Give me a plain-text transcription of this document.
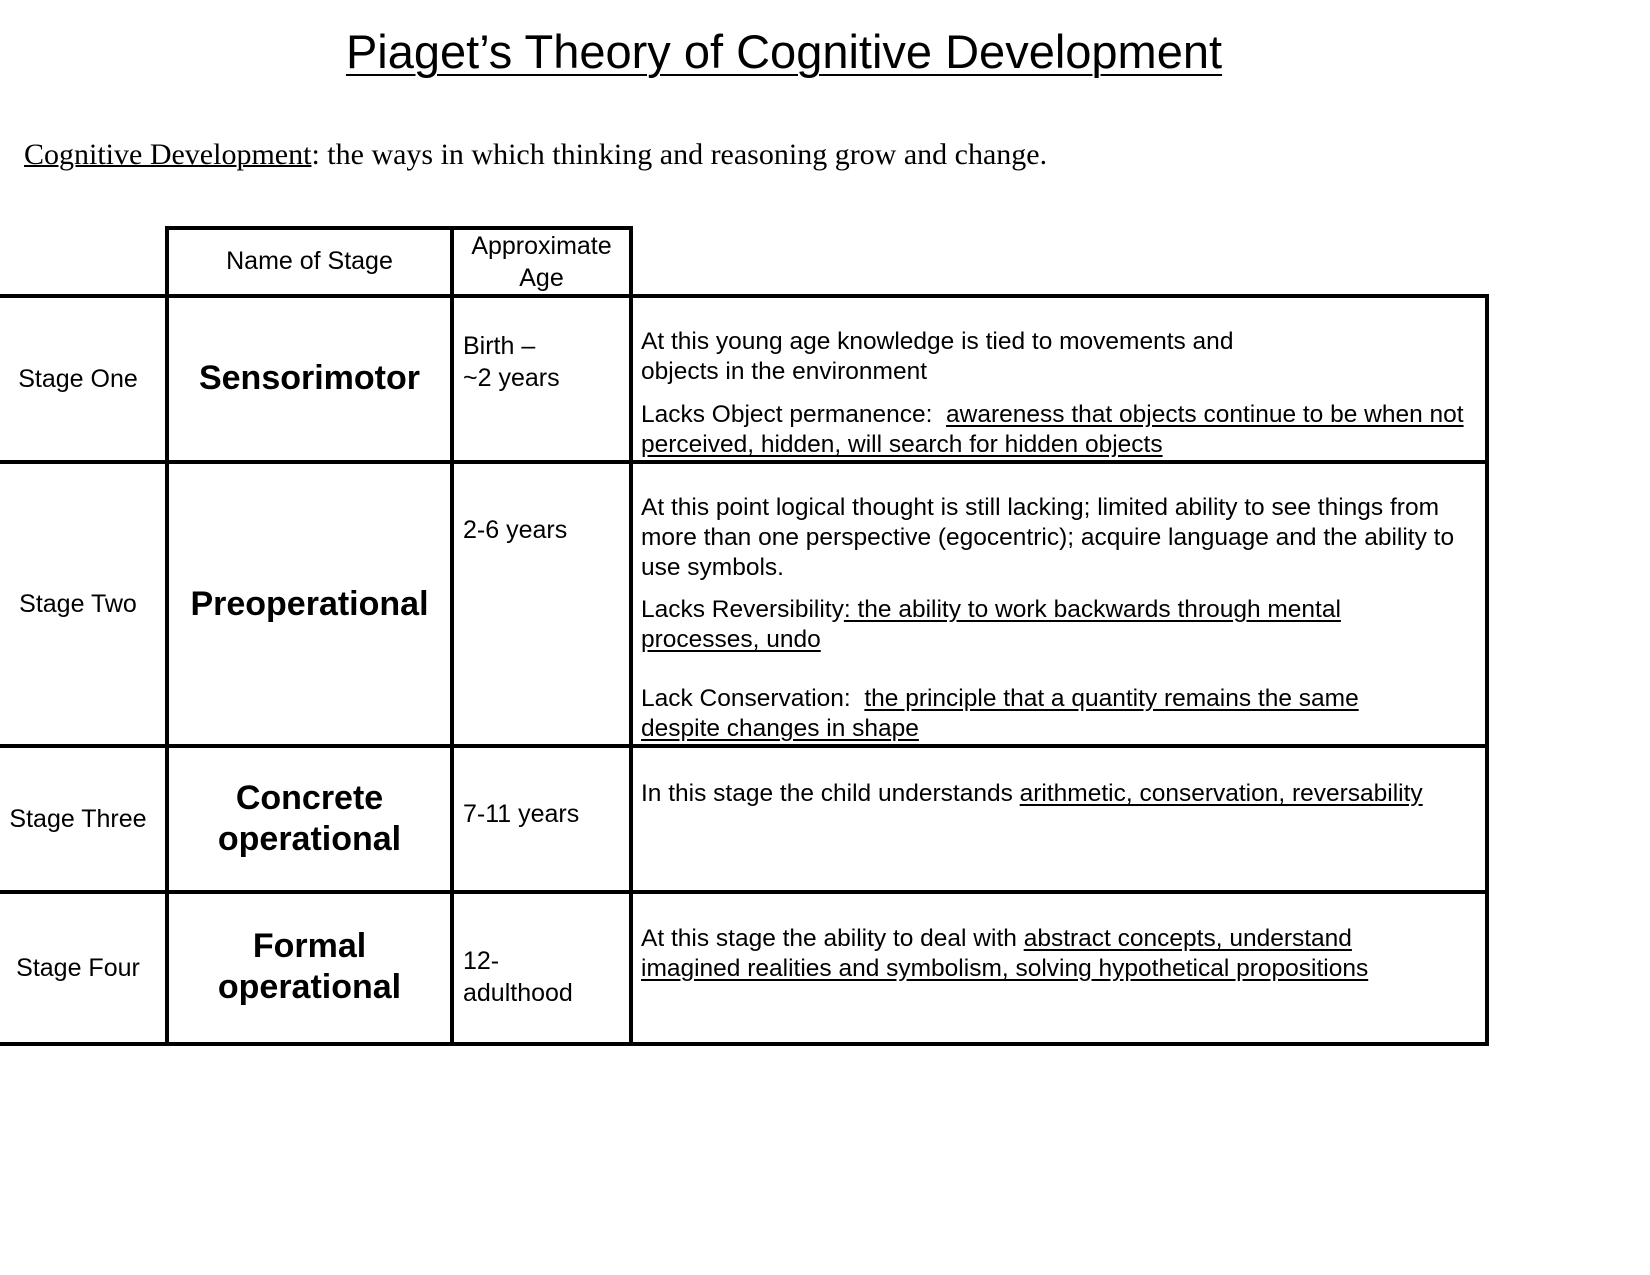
Piaget’s Theory of Cognitive Development
Cognitive Development: the ways in which thinking and reasoning grow and change.
Name of Stage
Approximate
Age
Stage One	Sensorimotor
Birth –
~2 years

At this young age knowledge is tied to movements and objects in the environment

Lacks Object permanence:  awareness that objects continue to be when not perceived, hidden, will search for hidden objects
Stage Two	Preoperational
2-6 years
At this point logical thought is still lacking; limited ability to see things from more than one perspective (egocentric); acquire language and the ability to use symbols.
Lacks Reversibility: the ability to work backwards through mental processes, undo
Lack Conservation:  the principle that a quantity remains the same despite changes in shape
Stage Three
Concrete
operational
7-11 years
In this stage the child understands arithmetic, conservation, reversability
Stage Four
Formal
operational
12-
adulthood
At this stage the ability to deal with abstract concepts, understand imagined realities and symbolism, solving hypothetical propositions
